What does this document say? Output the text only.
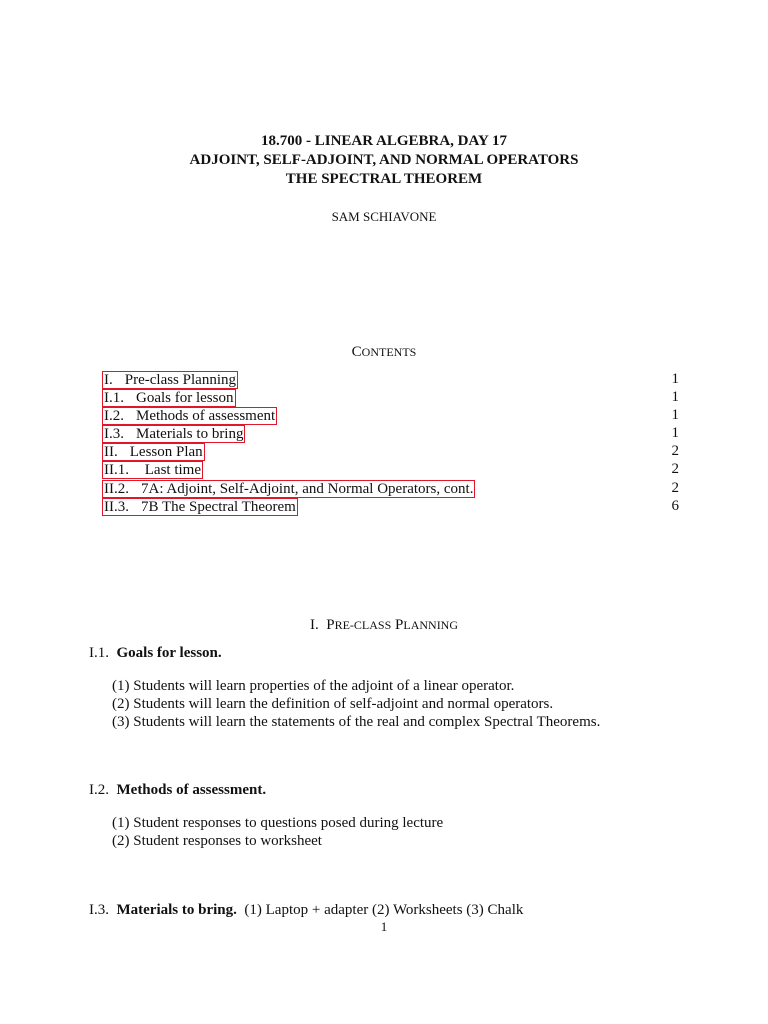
18.700 - LINEAR ALGEBRA, DAY 17
ADJOINT, SELF-ADJOINT, AND NORMAL OPERATORS
THE SPECTRAL THEOREM
SAM SCHIAVONE
CONTENTS
I. Pre-class Planning	1
I.1. Goals for lesson	1
I.2. Methods of assessment	1
I.3. Materials to bring	1
II. Lesson Plan	2
II.1. Last time	2
II.2. 7A: Adjoint, Self-Adjoint, and Normal Operators, cont.	2
II.3. 7B The Spectral Theorem	6
I. PRE-CLASS PLANNING
I.1. Goals for lesson.
(1) Students will learn properties of the adjoint of a linear operator.
(2) Students will learn the definition of self-adjoint and normal operators.
(3) Students will learn the statements of the real and complex Spectral Theorems.
I.2. Methods of assessment.
(1) Student responses to questions posed during lecture
(2) Student responses to worksheet
I.3. Materials to bring. (1) Laptop + adapter (2) Worksheets (3) Chalk
1
